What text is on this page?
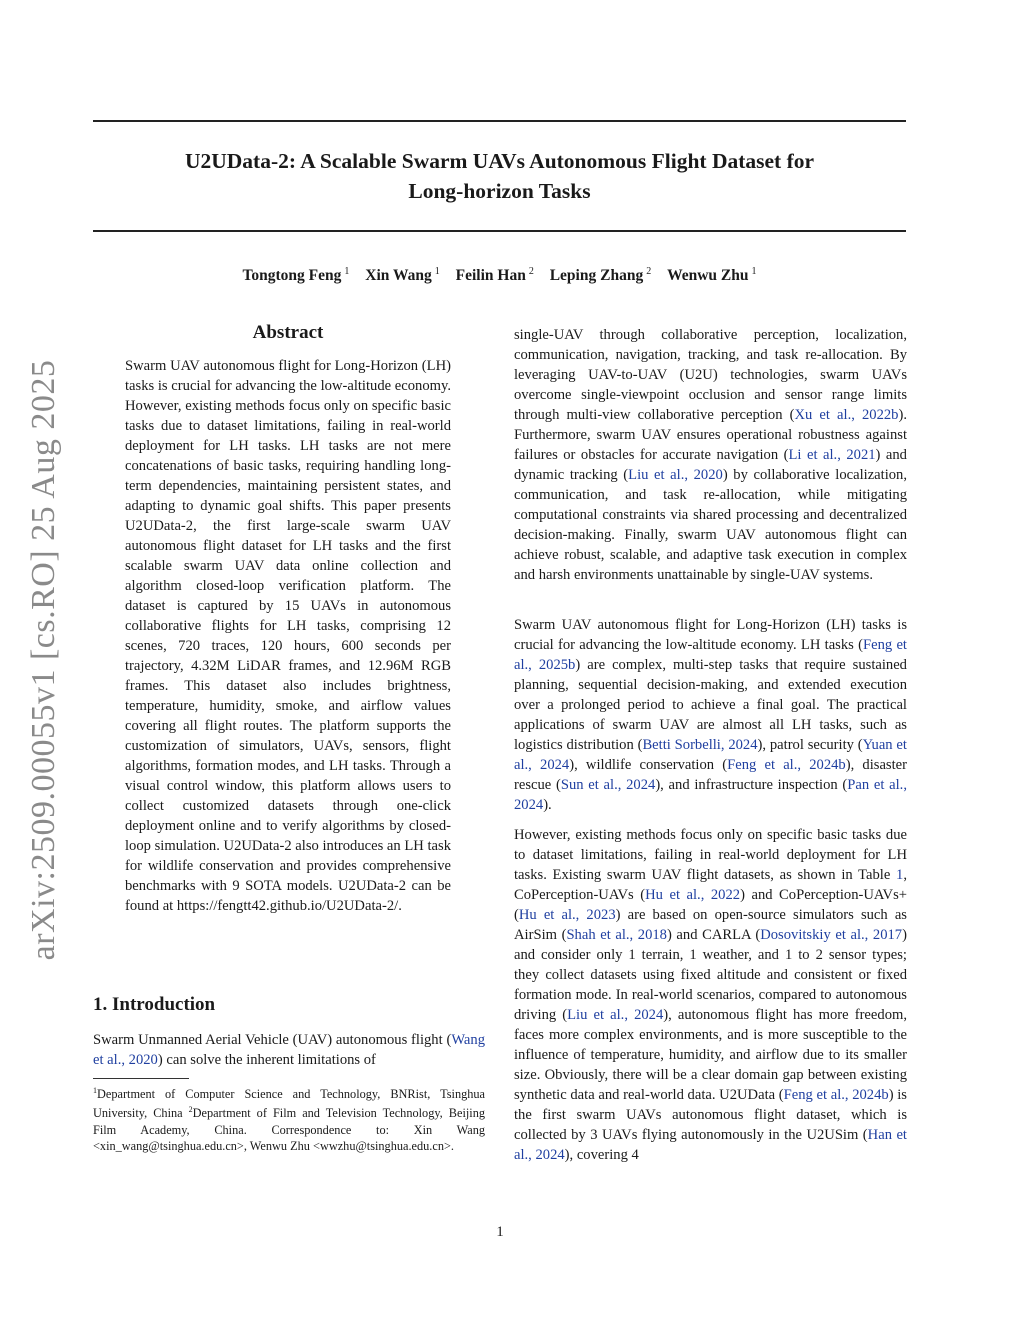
arXiv:2509.00055v1 [cs.RO] 25 Aug 2025
U2UData-2: A Scalable Swarm UAVs Autonomous Flight Dataset for
Long-horizon Tasks
Tongtong Feng $^1$ Xin Wang $^1$ Feilin Han $^2$ Leping Zhang $^2$ Wenwu Zhu $^1$
Abstract

Swarm UAV autonomous flight for Long-Horizon (LH) tasks is crucial for advancing the low-altitude economy. However, existing methods focus only on specific basic tasks due to dataset limitations, failing in real-world deployment for LH tasks. LH tasks are not mere concatenations of basic tasks, requiring handling long-term dependencies, maintaining persistent states, and adapting to dynamic goal shifts. This paper presents U2UData-2, the first large-scale swarm UAV autonomous flight dataset for LH tasks and the first scalable swarm UAV data online collection and algorithm closed-loop verification platform. The dataset is captured by 15 UAVs in autonomous collaborative flights for LH tasks, comprising 12 scenes, 720 traces, 120 hours, 600 seconds per trajectory, 4.32M LiDAR frames, and 12.96M RGB frames. This dataset also includes brightness, temperature, humidity, smoke, and airflow values covering all flight routes. The platform supports the customization of simulators, UAVs, sensors, flight algorithms, formation modes, and LH tasks. Through a visual control window, this platform allows users to collect customized datasets through one-click deployment online and to verify algorithms by closed-loop simulation. U2UData-2 also introduces an LH task for wildlife conservation and provides comprehensive benchmarks with 9 SOTA models. U2UData-2 can be found at https://fengtt42.github.io/U2UData-2/.

1. Introduction

Swarm Unmanned Aerial Vehicle (UAV) autonomous flight (Wang et al., 2020) can solve the inherent limitations of

$^1$Department of Computer Science and Technology, BNRist, Tsinghua University, China $^2$Department of Film and Television Technology, Beijing Film Academy, China. Correspondence to: Xin Wang <xin_wang@tsinghua.edu.cn>, Wenwu Zhu <wwzhu@tsinghua.edu.cn>.

single-UAV through collaborative perception, localization, communication, navigation, tracking, and task re-allocation. By leveraging UAV-to-UAV (U2U) technologies, swarm UAVs overcome single-viewpoint occlusion and sensor range limits through multi-view collaborative perception (Xu et al., 2022b). Furthermore, swarm UAV ensures operational robustness against failures or obstacles for accurate navigation (Li et al., 2021) and dynamic tracking (Liu et al., 2020) by collaborative localization, communication, and task re-allocation, while mitigating computational constraints via shared processing and decentralized decision-making. Finally, swarm UAV autonomous flight can achieve robust, scalable, and adaptive task execution in complex and harsh environments unattainable by single-UAV systems.

Swarm UAV autonomous flight for Long-Horizon (LH) tasks is crucial for advancing the low-altitude economy. LH tasks (Feng et al., 2025b) are complex, multi-step tasks that require sustained planning, sequential decision-making, and extended execution over a prolonged period to achieve a final goal. The practical applications of swarm UAV are almost all LH tasks, such as logistics distribution (Betti Sorbelli, 2024), patrol security (Yuan et al., 2024), wildlife conservation (Feng et al., 2024b), disaster rescue (Sun et al., 2024), and infrastructure inspection (Pan et al., 2024).

However, existing methods focus only on specific basic tasks due to dataset limitations, failing in real-world deployment for LH tasks. Existing swarm UAV flight datasets, as shown in Table 1, CoPerception-UAVs (Hu et al., 2022) and CoPerception-UAVs+ (Hu et al., 2023) are based on open-source simulators such as AirSim (Shah et al., 2018) and CARLA (Dosovitskiy et al., 2017) and consider only 1 terrain, 1 weather, and 1 to 2 sensor types; they collect datasets using fixed altitude and consistent or fixed formation mode. In real-world scenarios, compared to autonomous driving (Liu et al., 2024), autonomous flight has more freedom, faces more complex environments, and is more susceptible to the influence of temperature, humidity, and airflow due to its smaller size. Obviously, there will be a clear domain gap between existing synthetic data and real-world data. U2UData (Feng et al., 2024b) is the first swarm UAVs autonomous flight dataset, which is collected by 3 UAVs flying autonomously in the U2USim (Han et al., 2024), covering 4

1
